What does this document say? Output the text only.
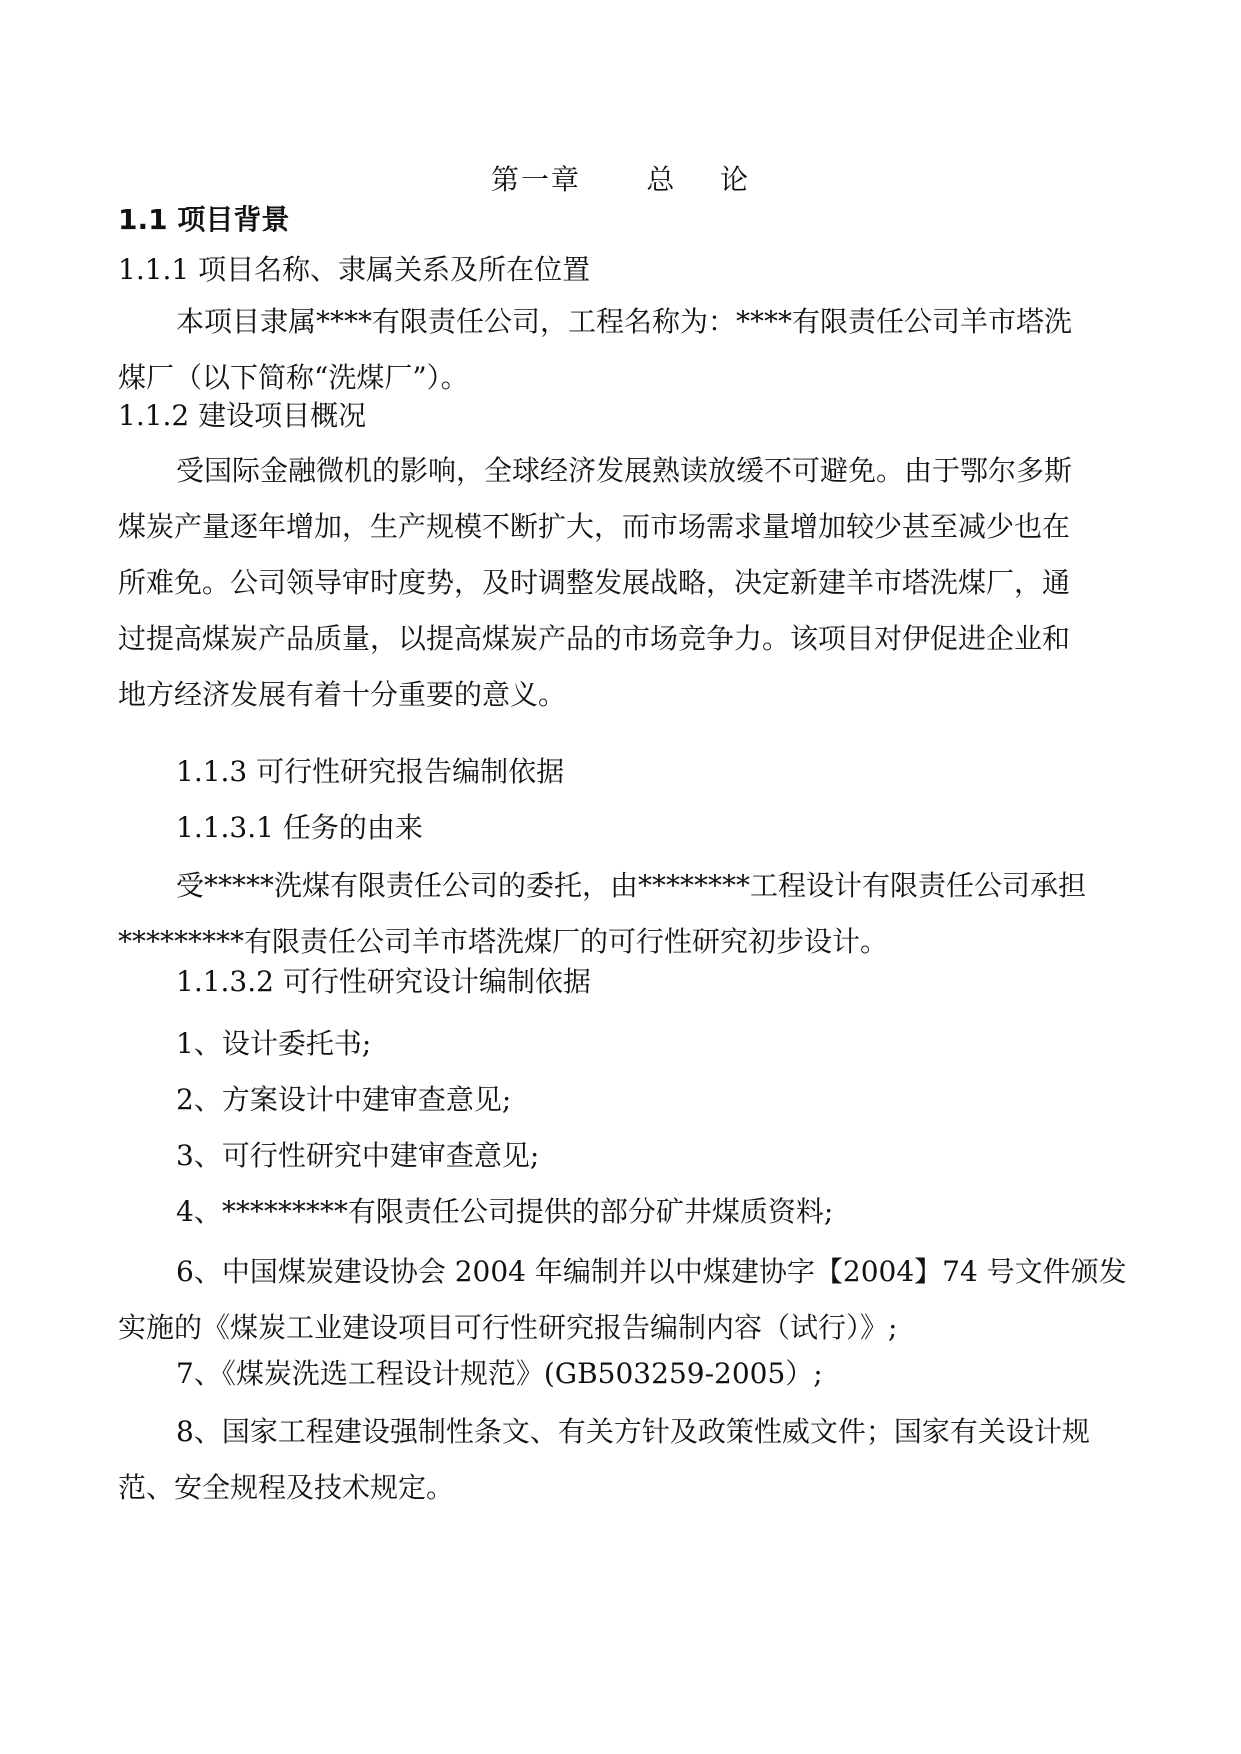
第一章      总    论
1.1 项目背景
1.1.1 项目名称、隶属关系及所在位置
本项目隶属****有限责任公司，工程名称为：****有限责任公司羊市塔洗
煤厂（以下简称“洗煤厂”）。
1.1.2 建设项目概况
受国际金融微机的影响，全球经济发展熟读放缓不可避免。由于鄂尔多斯
煤炭产量逐年增加，生产规模不断扩大，而市场需求量增加较少甚至减少也在
所难免。公司领导审时度势，及时调整发展战略，决定新建羊市塔洗煤厂，通
过提高煤炭产品质量，以提高煤炭产品的市场竞争力。该项目对伊促进企业和
地方经济发展有着十分重要的意义。
1.1.3 可行性研究报告编制依据
1.1.3.1 任务的由来
受*****洗煤有限责任公司的委托，由********工程设计有限责任公司承担
*********有限责任公司羊市塔洗煤厂的可行性研究初步设计。
1.1.3.2 可行性研究设计编制依据
1、设计委托书;
2、方案设计中建审查意见;
3、可行性研究中建审查意见;
4、*********有限责任公司提供的部分矿井煤质资料;
6、中国煤炭建设协会 2004 年编制并以中煤建协字【2004】74 号文件颁发
实施的《煤炭工业建设项目可行性研究报告编制内容（试行）》;
7、《煤炭洗选工程设计规范》(GB503259-2005）;
8、国家工程建设强制性条文、有关方针及政策性威文件；国家有关设计规
范、安全规程及技术规定。
